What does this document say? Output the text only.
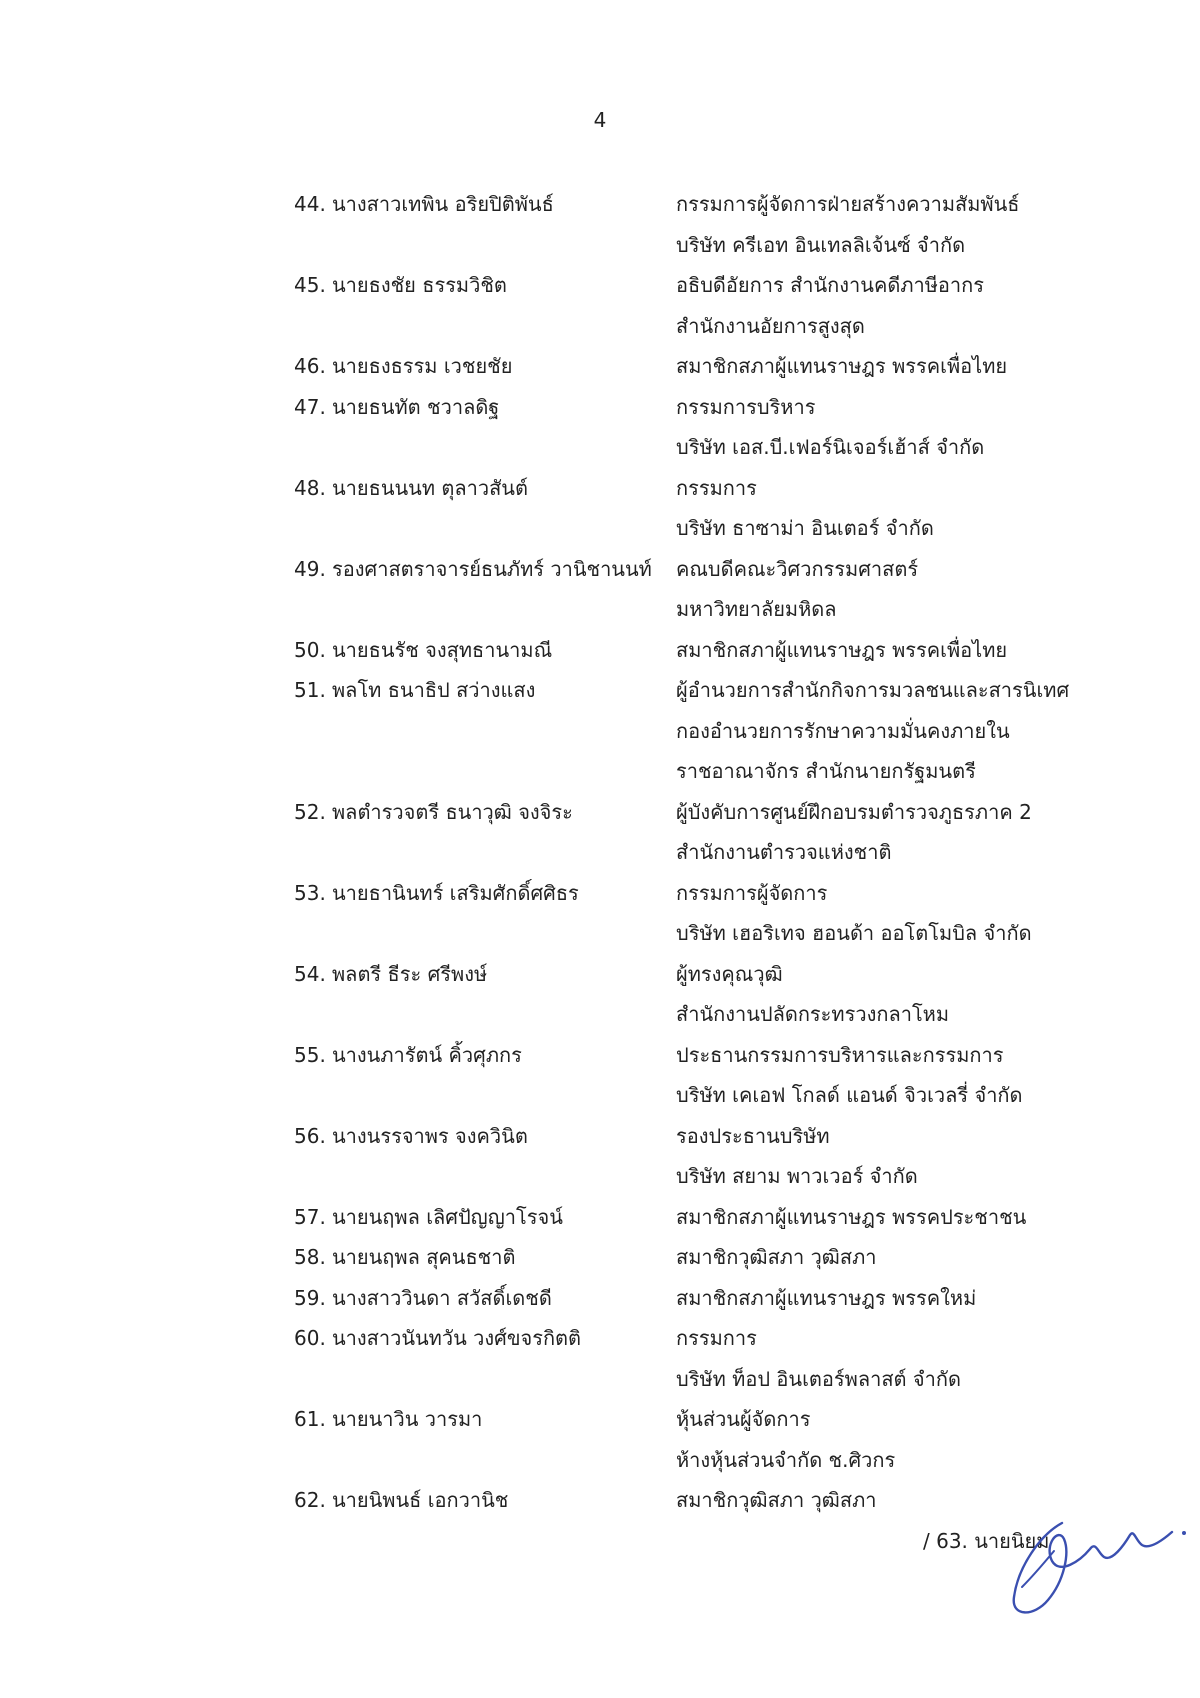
4
44. นางสาวเทพิน อริยปิติพันธ์	กรรมการผู้จัดการฝ่ายสร้างความสัมพันธ์
บริษัท ครีเอท อินเทลลิเจ้นซ์ จำกัด
45. นายธงชัย ธรรมวิชิต	อธิบดีอัยการ สำนักงานคดีภาษีอากร
สำนักงานอัยการสูงสุด
46. นายธงธรรม เวชยชัย	สมาชิกสภาผู้แทนราษฎร พรรคเพื่อไทย
47. นายธนทัต ชวาลดิฐ	กรรมการบริหาร
บริษัท เอส.บี.เฟอร์นิเจอร์เฮ้าส์ จำกัด
48. นายธนนนท ตุลาวสันต์	กรรมการ
บริษัท ธาซาม่า อินเตอร์ จำกัด
49. รองศาสตราจารย์ธนภัทร์ วานิชานนท์	คณบดีคณะวิศวกรรมศาสตร์
มหาวิทยาลัยมหิดล
50. นายธนรัช จงสุทธานามณี	สมาชิกสภาผู้แทนราษฎร พรรคเพื่อไทย
51. พลโท ธนาธิป สว่างแสง	ผู้อำนวยการสำนักกิจการมวลชนและสารนิเทศ
กองอำนวยการรักษาความมั่นคงภายใน
ราชอาณาจักร สำนักนายกรัฐมนตรี
52. พลตำรวจตรี ธนาวุฒิ จงจิระ	ผู้บังคับการศูนย์ฝึกอบรมตำรวจภูธรภาค 2
สำนักงานตำรวจแห่งชาติ
53. นายธานินทร์ เสริมศักดิ์ศศิธร	กรรมการผู้จัดการ
บริษัท เฮอริเทจ ฮอนด้า ออโตโมบิล จำกัด
54. พลตรี ธีระ ศรีพงษ์	ผู้ทรงคุณวุฒิ
สำนักงานปลัดกระทรวงกลาโหม
55. นางนภารัตน์ คิ้วศุภกร	ประธานกรรมการบริหารและกรรมการ
บริษัท เคเอฟ โกลด์ แอนด์ จิวเวลรี่ จำกัด
56. นางนรรจาพร จงควินิต	รองประธานบริษัท
บริษัท สยาม พาวเวอร์ จำกัด
57. นายนฤพล เลิศปัญญาโรจน์	สมาชิกสภาผู้แทนราษฎร พรรคประชาชน
58. นายนฤพล สุคนธชาติ	สมาชิกวุฒิสภา วุฒิสภา
59. นางสาววินดา สวัสดิ์เดชดี	สมาชิกสภาผู้แทนราษฎร พรรคใหม่
60. นางสาวนันทวัน วงศ์ขจรกิตติ	กรรมการ
บริษัท ท็อป อินเตอร์พลาสต์ จำกัด
61. นายนาวิน วารมา	หุ้นส่วนผู้จัดการ
ห้างหุ้นส่วนจำกัด ช.ศิวกร
62. นายนิพนธ์ เอกวานิช	สมาชิกวุฒิสภา วุฒิสภา
/ 63. นายนิยม
